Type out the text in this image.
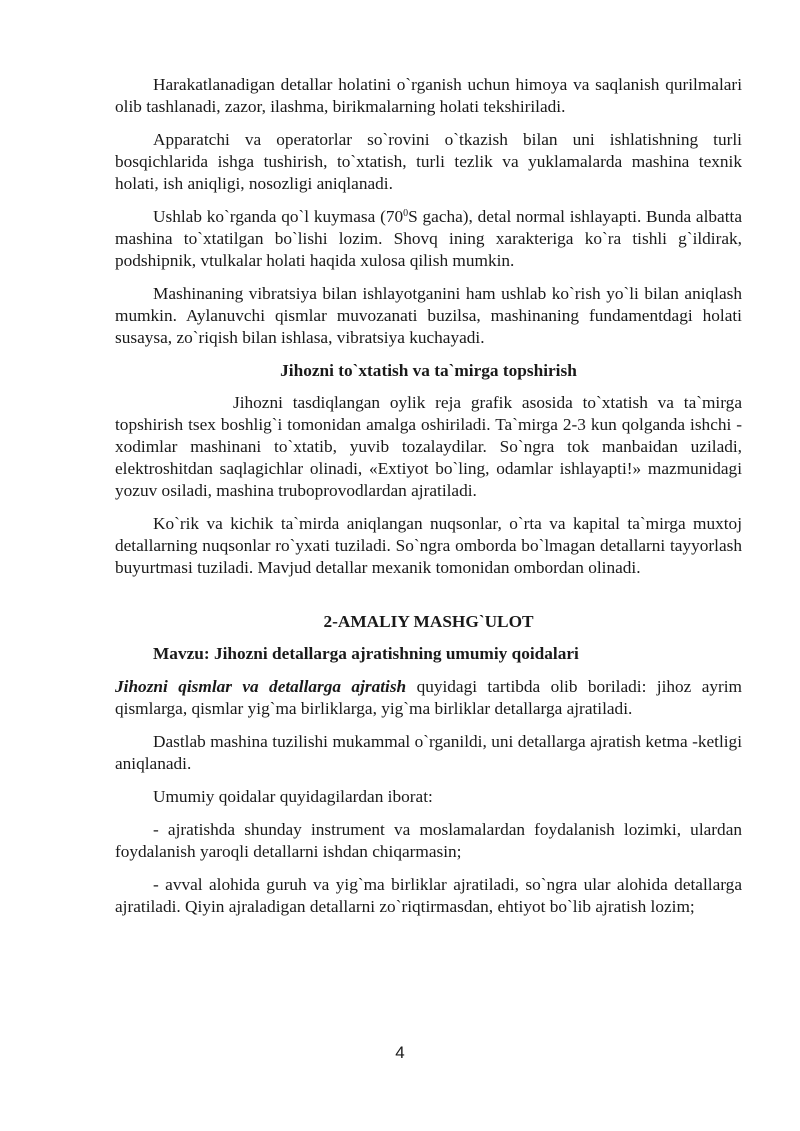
Harakatlanadigan detallar holatini o`rganish uchun himoya va saqlanish qurilmalari olib tashlanadi, zazor, ilashma, birikmalarning holati tekshiriladi.

Apparatchi va operatorlar so`rovini o`tkazish bilan uni ishlatishning turli bosqichlarida ishga tushirish, to`xtatish, turli tezlik va yuklamalarda mashina texnik holati, ish aniqligi, nosozligi aniqlanadi.

Ushlab ko`rganda qo`l kuymasa ($70^0S$ gacha), detal normal ishlayapti. Bunda albatta mashina to`xtatilgan bo`lishi lozim. Shovq ining xarakteriga ko`ra tishli g`ildirak, podshipnik, vtulkalar holati haqida xulosa qilish mumkin.

Mashinaning vibratsiya bilan ishlayotganini ham ushlab ko`rish yo`li bilan aniqlash mumkin. Aylanuvchi qismlar muvozanati buzilsa, mashinaning fundamentdagi holati susaysa, zo`riqish bilan ishlasa, vibratsiya kuchayadi.

Jihozni to`xtatish va ta`mirga topshirish

Jihozni tasdiqlangan oylik reja grafik asosida to`xtatish va ta`mirga topshirish tsex boshlig`i tomonidan amalga oshiriladi. Ta`mirga 2-3 kun qolganda ishchi - xodimlar mashinani to`xtatib, yuvib tozalaydilar. So`ngra tok manbaidan uziladi, elektroshitdan saqlagichlar olinadi, «Extiyot bo`ling, odamlar ishlayapti!» mazmunidagi yozuv osiladi, mashina truboprovodlardan ajratiladi.

Ko`rik va kichik ta`mirda aniqlangan nuqsonlar, o`rta va kapital ta`mirga muxtoj detallarning nuqsonlar ro`yxati tuziladi. So`ngra omborda bo`lmagan detallarni tayyorlash buyurtmasi tuziladi. Mavjud detallar mexanik tomonidan ombordan olinadi.

2-AMALIY MASHG`ULOT
Mavzu: Jihozni detallarga ajratishning umumiy qoidalari

Jihozni qismlar va detallarga ajratish quyidagi tartibda olib boriladi: jihoz ayrim qismlarga, qismlar yig`ma birliklarga, yig`ma birliklar detallarga ajratiladi.

Dastlab mashina tuzilishi mukammal o`rganildi, uni detallarga ajratish ketma -ketligi aniqlanadi.

Umumiy qoidalar quyidagilardan iborat:

- ajratishda shunday instrument va moslamalardan foydalanish lozimki, ulardan foydalanish yaroqli detallarni ishdan chiqarmasin;

- avval alohida guruh va yig`ma birliklar ajratiladi, so`ngra ular alohida detallarga ajratiladi. Qiyin ajraladigan detallarni zo`riqtirmasdan, ehtiyot bo`lib ajratish lozim;

4
